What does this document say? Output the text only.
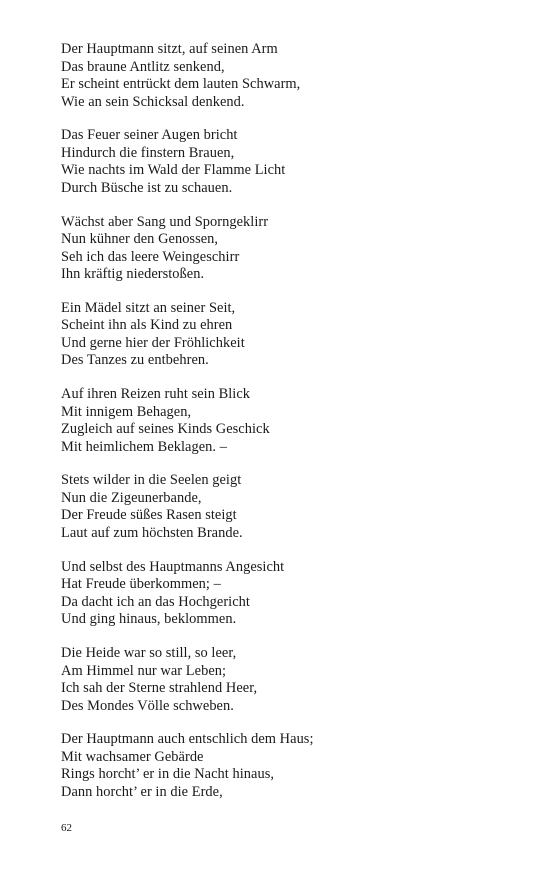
Der Hauptmann sitzt, auf seinen Arm
Das braune Antlitz senkend,
Er scheint entrückt dem lauten Schwarm,
Wie an sein Schicksal denkend.
Das Feuer seiner Augen bricht
Hindurch die finstern Brauen,
Wie nachts im Wald der Flamme Licht
Durch Büsche ist zu schauen.
Wächst aber Sang und Sporngeklirr
Nun kühner den Genossen,
Seh ich das leere Weingeschirr
Ihn kräftig niederstoßen.
Ein Mädel sitzt an seiner Seit,
Scheint ihn als Kind zu ehren
Und gerne hier der Fröhlichkeit
Des Tanzes zu entbehren.
Auf ihren Reizen ruht sein Blick
Mit innigem Behagen,
Zugleich auf seines Kinds Geschick
Mit heimlichem Beklagen. –
Stets wilder in die Seelen geigt
Nun die Zigeunerbande,
Der Freude süßes Rasen steigt
Laut auf zum höchsten Brande.
Und selbst des Hauptmanns Angesicht
Hat Freude überkommen; –
Da dacht ich an das Hochgericht
Und ging hinaus, beklommen.
Die Heide war so still, so leer,
Am Himmel nur war Leben;
Ich sah der Sterne strahlend Heer,
Des Mondes Völle schweben.
Der Hauptmann auch entschlich dem Haus;
Mit wachsamer Gebärde
Rings horcht’ er in die Nacht hinaus,
Dann horcht’ er in die Erde,
62
